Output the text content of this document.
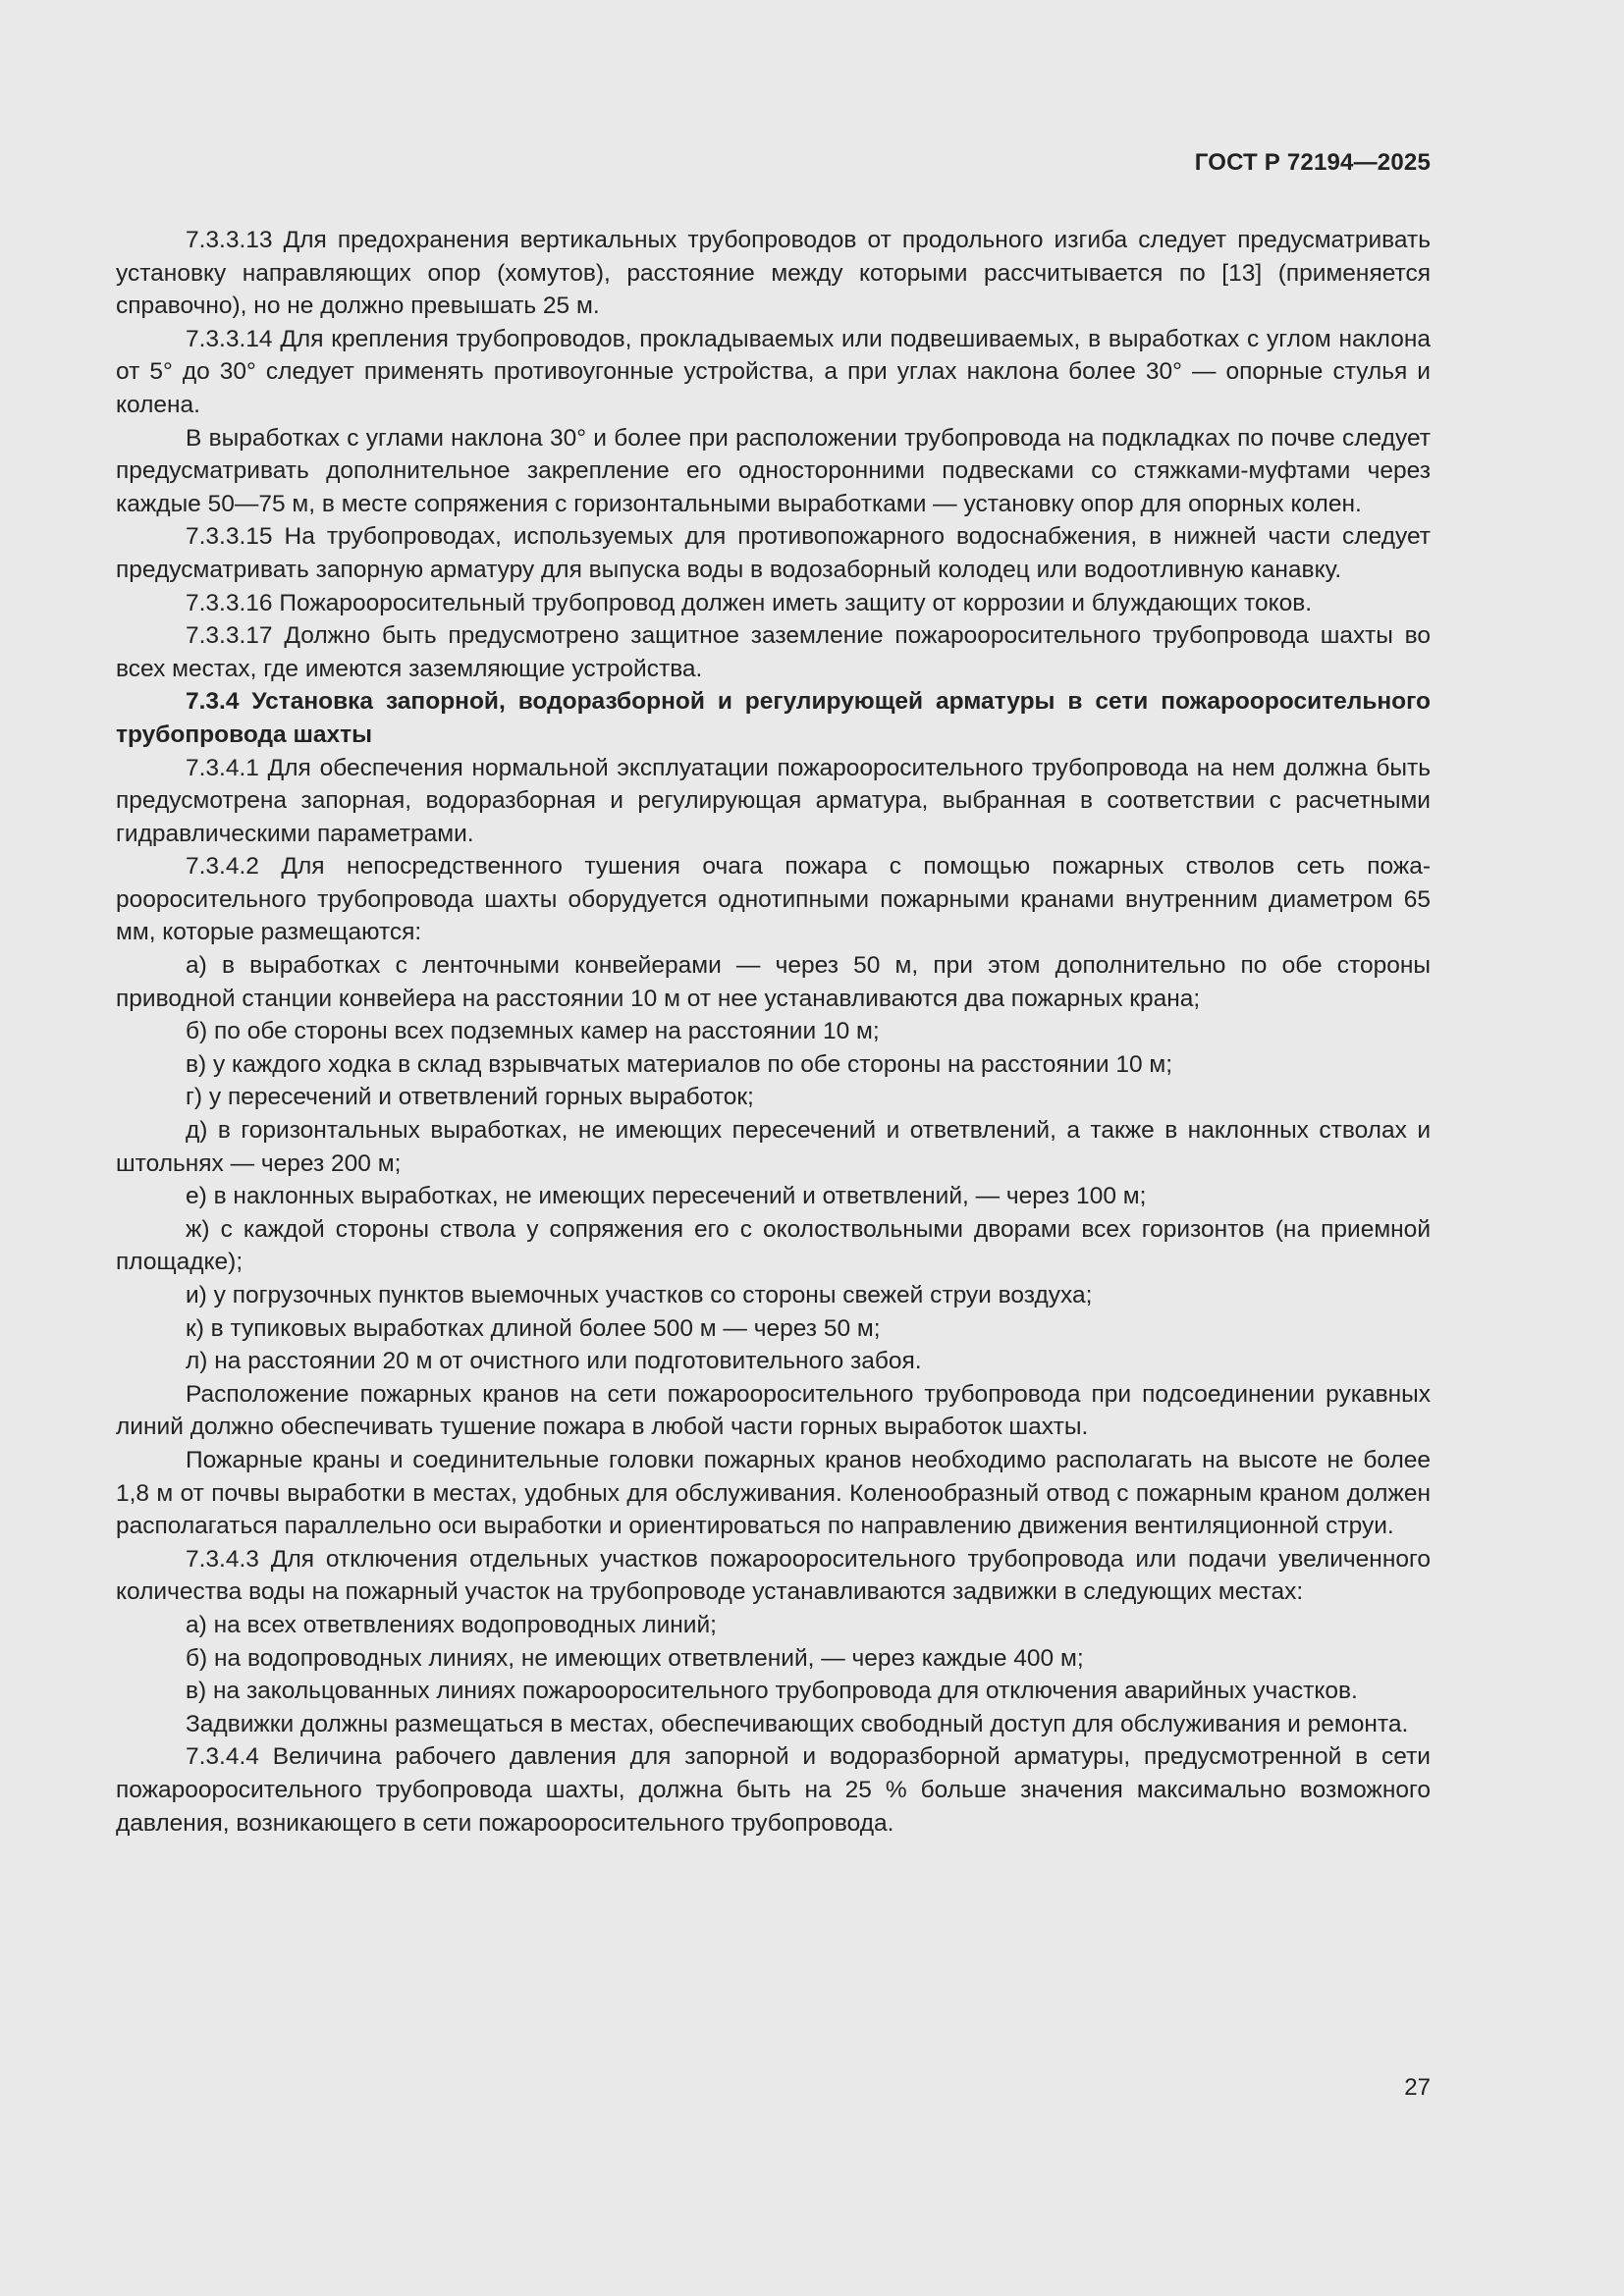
ГОСТ Р 72194—2025

7.3.3.13 Для предохранения вертикальных трубопроводов от продольного изгиба следует предусматривать установку направляющих опор (хомутов), расстояние между которыми рассчитывается по [13] (применяется справочно), но не должно превышать 25 м.

7.3.3.14 Для крепления трубопроводов, прокладываемых или подвешиваемых, в выработках с углом наклона от 5° до 30° следует применять противоугонные устройства, а при углах наклона более 30° — опорные стулья и колена.

В выработках с углами наклона 30° и более при расположении трубопровода на подкладках по почве следует предусматривать дополнительное закрепление его односторонними подвесками со стяжками-муфтами через каждые 50—75 м, в месте сопряжения с горизонтальными выработками — установку опор для опорных колен.

7.3.3.15 На трубопроводах, используемых для противопожарного водоснабжения, в нижней части следует предусматривать запорную арматуру для выпуска воды в водозаборный колодец или водоотливную канавку.

7.3.3.16 Пожарооросительный трубопровод должен иметь защиту от коррозии и блуждающих токов.

7.3.3.17 Должно быть предусмотрено защитное заземление пожарооросительного трубопровода шахты во всех местах, где имеются заземляющие устройства.

7.3.4 Установка запорной, водоразборной и регулирующей арматуры в сети пожарооросительного трубопровода шахты

7.3.4.1 Для обеспечения нормальной эксплуатации пожарооросительного трубопровода на нем должна быть предусмотрена запорная, водоразборная и регулирующая арматура, выбранная в соответствии с расчетными гидравлическими параметрами.

7.3.4.2 Для непосредственного тушения очага пожара с помощью пожарных стволов сеть пожарооросительного трубопровода шахты оборудуется однотипными пожарными кранами внутренним диаметром 65 мм, которые размещаются:

а) в выработках с ленточными конвейерами — через 50 м, при этом дополнительно по обе стороны приводной станции конвейера на расстоянии 10 м от нее устанавливаются два пожарных крана;

б) по обе стороны всех подземных камер на расстоянии 10 м;

в) у каждого ходка в склад взрывчатых материалов по обе стороны на расстоянии 10 м;

г) у пересечений и ответвлений горных выработок;

д) в горизонтальных выработках, не имеющих пересечений и ответвлений, а также в наклонных стволах и штольнях — через 200 м;

е) в наклонных выработках, не имеющих пересечений и ответвлений, — через 100 м;

ж) с каждой стороны ствола у сопряжения его с околоствольными дворами всех горизонтов (на приемной площадке);

и) у погрузочных пунктов выемочных участков со стороны свежей струи воздуха;

к) в тупиковых выработках длиной более 500 м — через 50 м;

л) на расстоянии 20 м от очистного или подготовительного забоя.

Расположение пожарных кранов на сети пожарооросительного трубопровода при подсоединении рукавных линий должно обеспечивать тушение пожара в любой части горных выработок шахты.

Пожарные краны и соединительные головки пожарных кранов необходимо располагать на высоте не более 1,8 м от почвы выработки в местах, удобных для обслуживания. Коленообразный отвод с пожарным краном должен располагаться параллельно оси выработки и ориентироваться по направлению движения вентиляционной струи.

7.3.4.3 Для отключения отдельных участков пожарооросительного трубопровода или подачи увеличенного количества воды на пожарный участок на трубопроводе устанавливаются задвижки в следующих местах:

а) на всех ответвлениях водопроводных линий;

б) на водопроводных линиях, не имеющих ответвлений, — через каждые 400 м;

в) на закольцованных линиях пожарооросительного трубопровода для отключения аварийных участков.

Задвижки должны размещаться в местах, обеспечивающих свободный доступ для обслуживания и ремонта.

7.3.4.4 Величина рабочего давления для запорной и водоразборной арматуры, предусмотренной в сети пожарооросительного трубопровода шахты, должна быть на 25 % больше значения максимально возможного давления, возникающего в сети пожарооросительного трубопровода.

27
